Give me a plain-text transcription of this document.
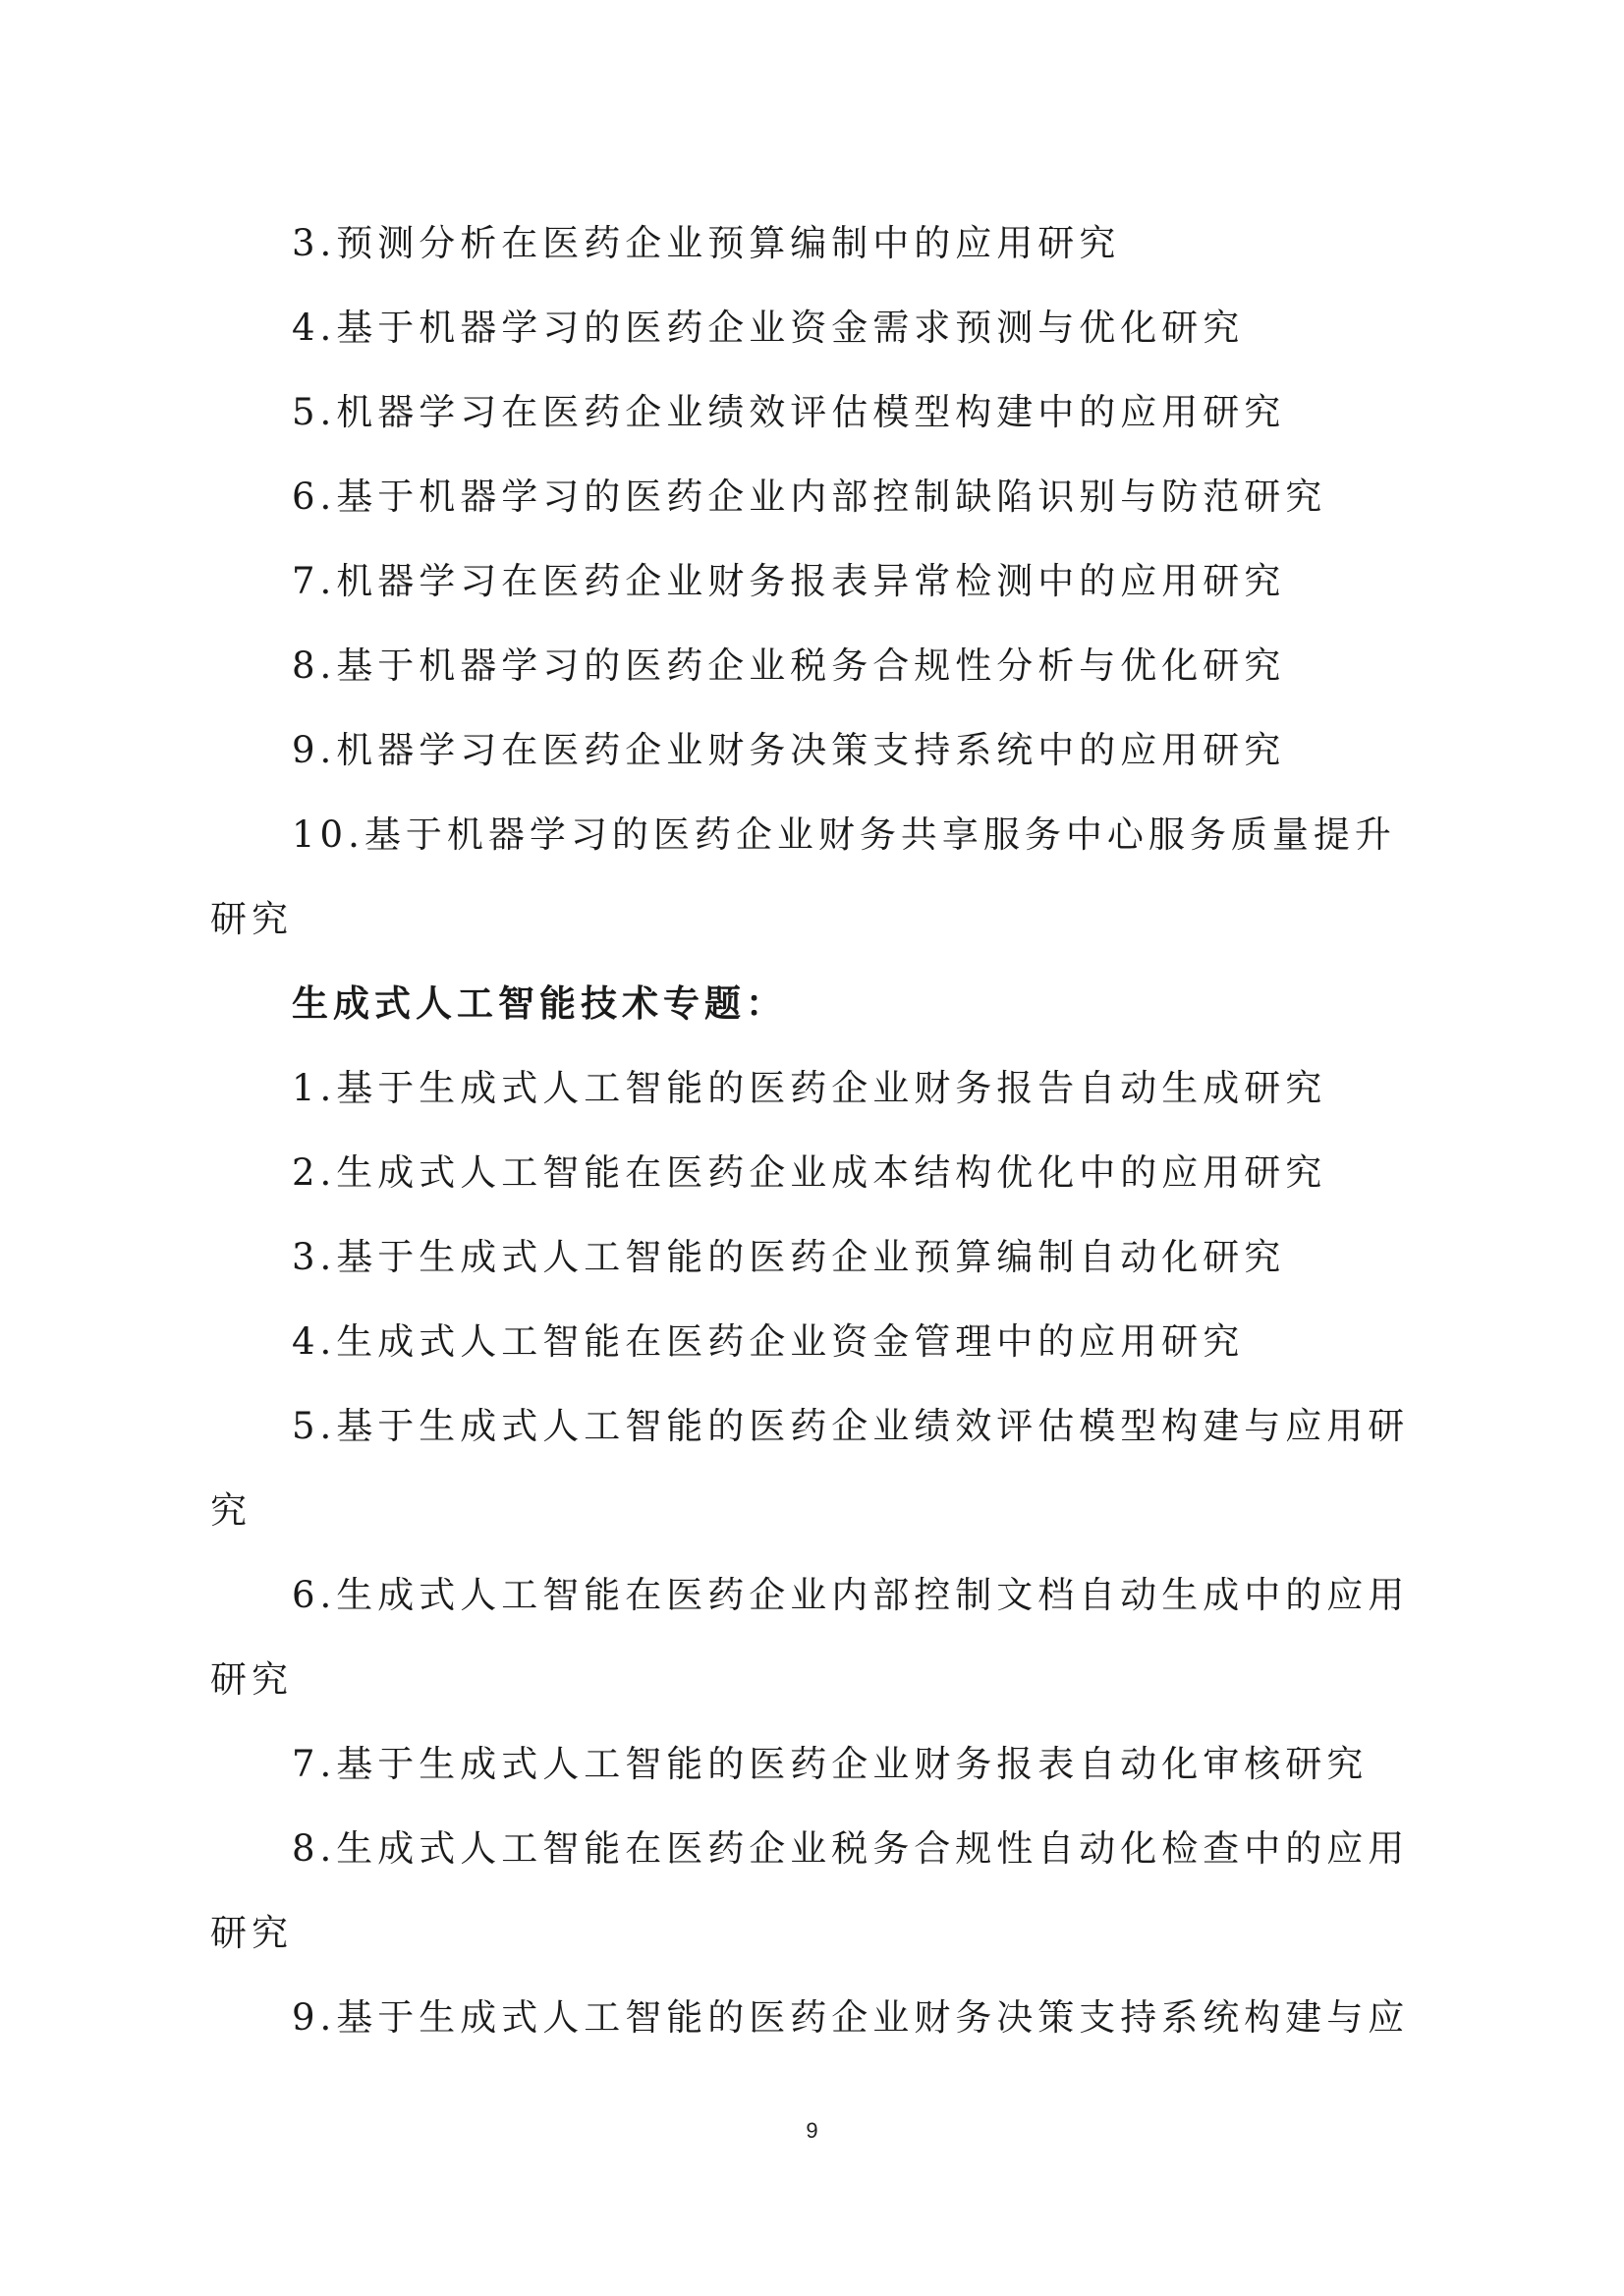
3.预测分析在医药企业预算编制中的应用研究
4.基于机器学习的医药企业资金需求预测与优化研究
5.机器学习在医药企业绩效评估模型构建中的应用研究
6.基于机器学习的医药企业内部控制缺陷识别与防范研究
7.机器学习在医药企业财务报表异常检测中的应用研究
8.基于机器学习的医药企业税务合规性分析与优化研究
9.机器学习在医药企业财务决策支持系统中的应用研究
10.基于机器学习的医药企业财务共享服务中心服务质量提升
研究
生成式人工智能技术专题：
1.基于生成式人工智能的医药企业财务报告自动生成研究
2.生成式人工智能在医药企业成本结构优化中的应用研究
3.基于生成式人工智能的医药企业预算编制自动化研究
4.生成式人工智能在医药企业资金管理中的应用研究
5.基于生成式人工智能的医药企业绩效评估模型构建与应用研
究
6.生成式人工智能在医药企业内部控制文档自动生成中的应用
研究
7.基于生成式人工智能的医药企业财务报表自动化审核研究
8.生成式人工智能在医药企业税务合规性自动化检查中的应用
研究
9.基于生成式人工智能的医药企业财务决策支持系统构建与应
9
